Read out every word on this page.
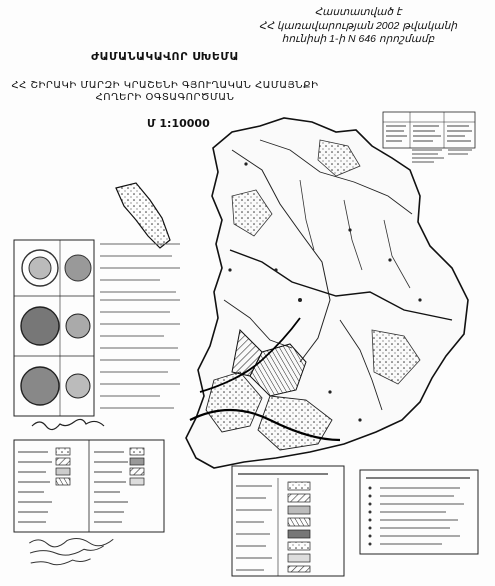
Հաստատված է
ՀՀ կառավարության 2002 թվականի
հունիսի 1-ի N 646 որոշմամբ
ԺԱՄԱՆԱԿԱՎՈՐ ՍԽԵՄԱ
ՀՀ ՇԻՐԱԿԻ ՄԱՐԶԻ ԿՐԱՇԵՆԻ ԳՅՈՒՂԱԿԱՆ ՀԱՄԱՅՆՔԻ
ՀՈՂԵՐԻ ՕԳՏԱԳՈՐԾՄԱՆ
Մ 1:10000
